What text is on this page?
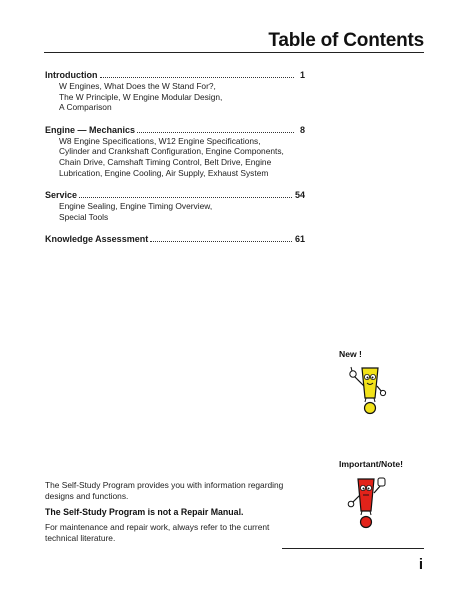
Table of Contents
Introduction	1
W Engines, What Does the W Stand For?,
The W Principle, W Engine Modular Design,
A Comparison
Engine — Mechanics	8
W8 Engine Specifications, W12 Engine Specifications,
Cylinder and Crankshaft Configuration, Engine Components,
Chain Drive, Camshaft Timing Control, Belt Drive, Engine
Lubrication, Engine Cooling, Air Supply, Exhaust System
Service	54
Engine Sealing, Engine Timing Overview,
Special Tools
Knowledge Assessment	61
New !
Important/Note!

The Self-Study Program provides you with information regarding designs and functions.

The Self-Study Program is not a Repair Manual.

For maintenance and repair work, always refer to the current technical literature.

i
